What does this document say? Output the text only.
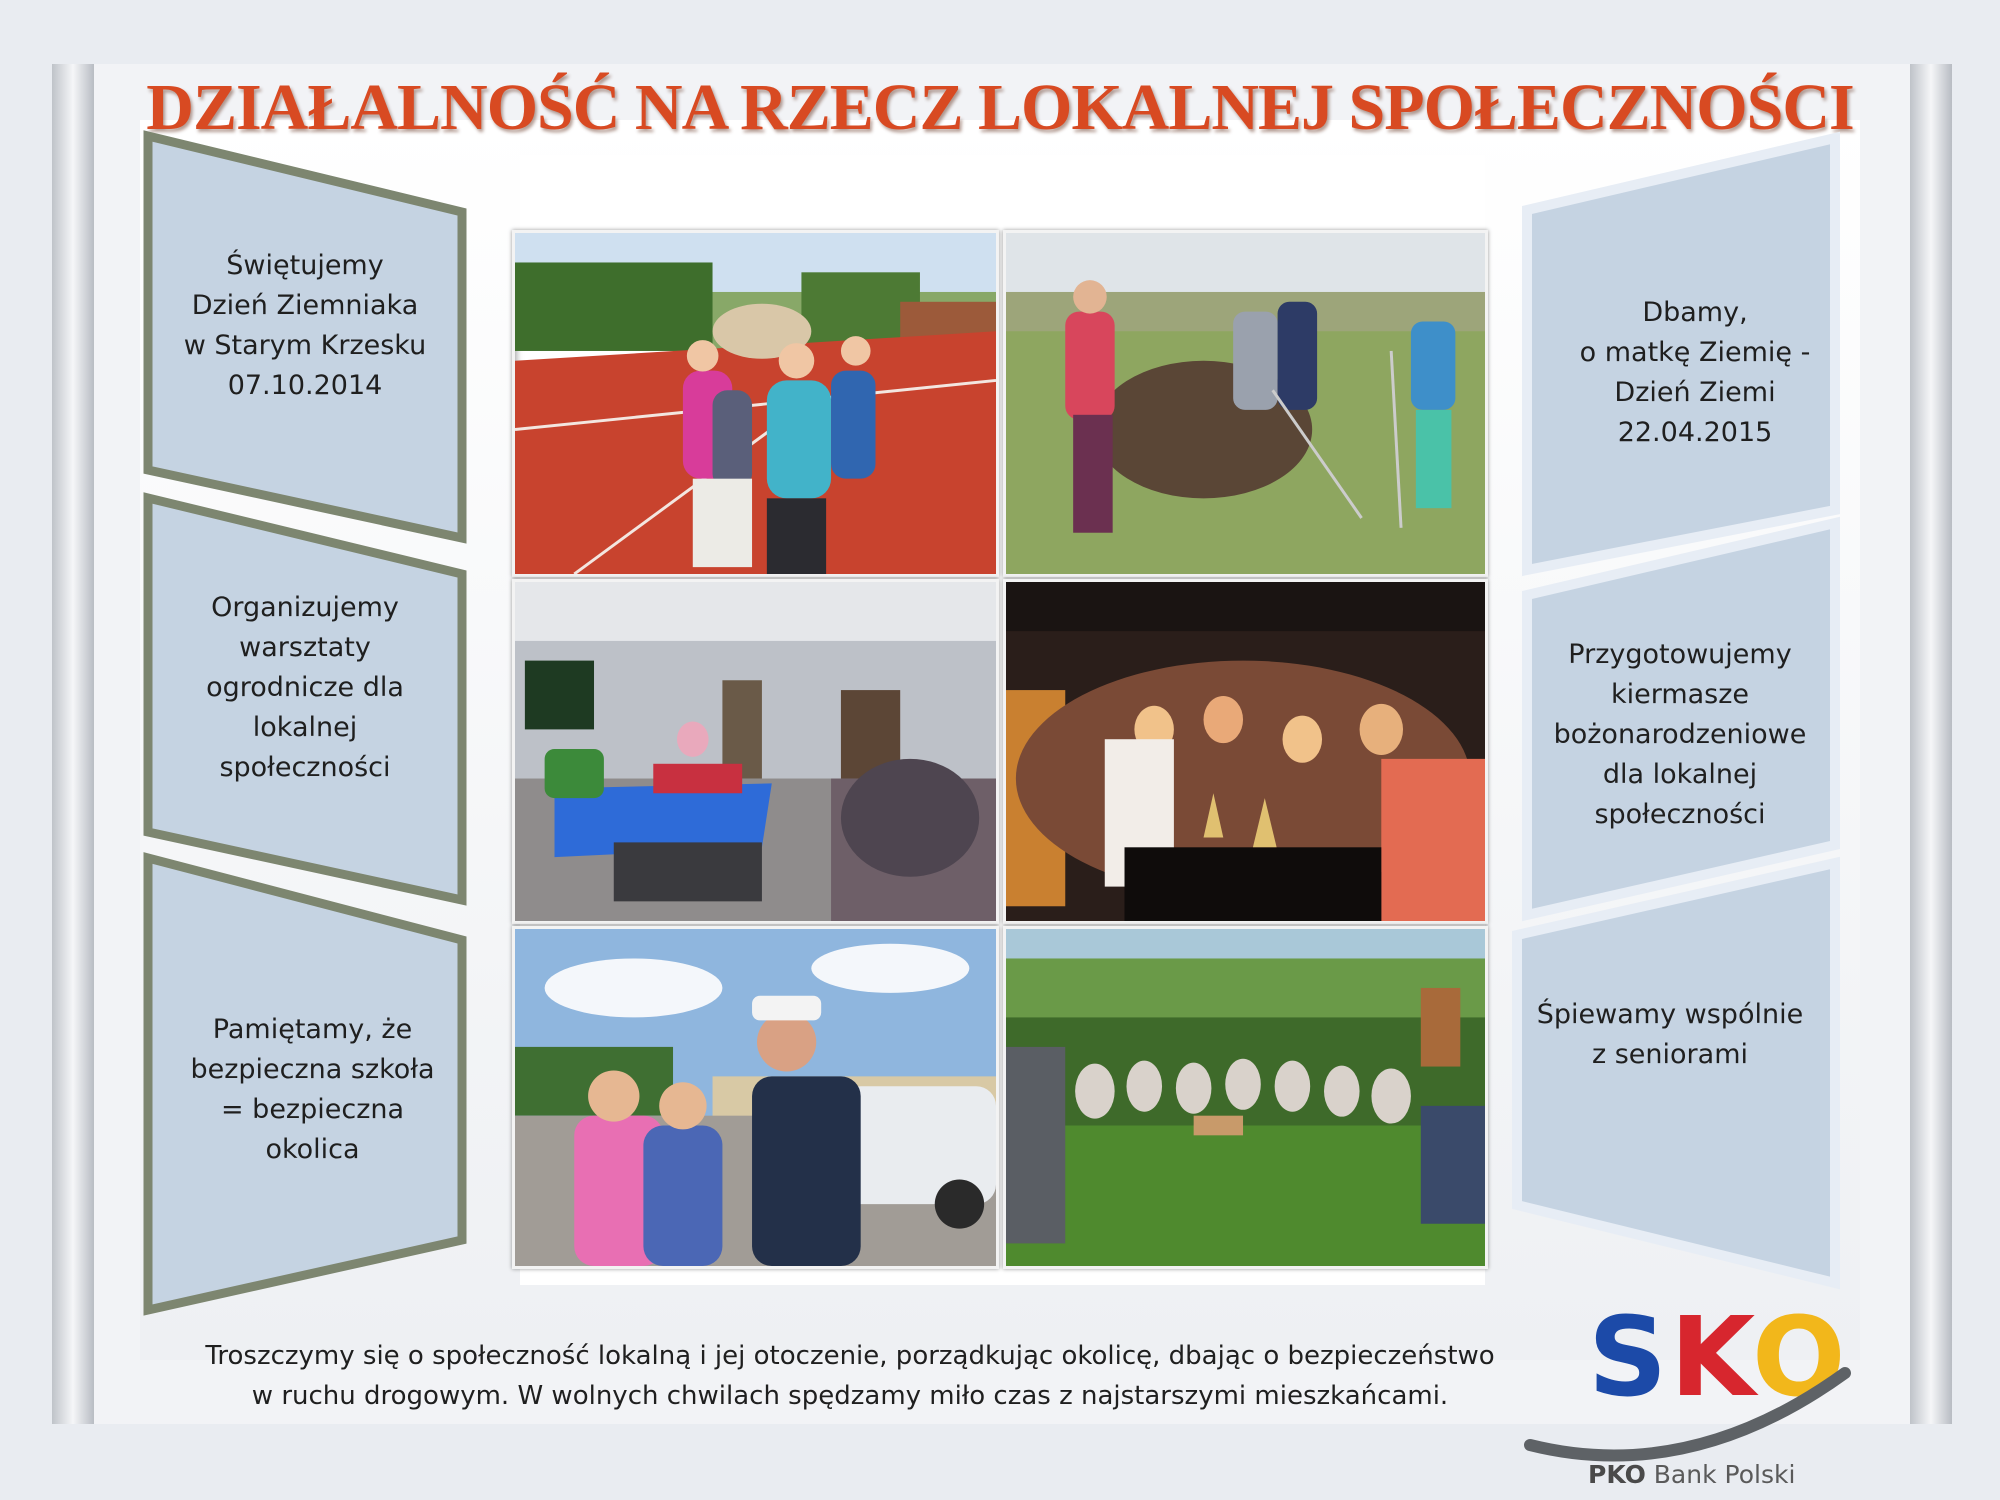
DZIAŁALNOŚĆ NA RZECZ LOKALNEJ SPOŁECZNOŚCI
Świętujemy
Dzień Ziemniaka
w Starym Krzesku
07.10.2014
Organizujemy
warsztaty
ogrodnicze dla
lokalnej
społeczności
Pamiętamy, że
bezpieczna szkoła
= bezpieczna
okolica
Dbamy,
o matkę Ziemię -
Dzień Ziemi
22.04.2015
Przygotowujemy
kiermasze
bożonarodzeniowe
dla lokalnej
społeczności
Śpiewamy wspólnie
z seniorami
Troszczymy się o społeczność lokalną i jej otoczenie, porządkując okolicę, dbając o bezpieczeństwo
w ruchu drogowym. W wolnych chwilach spędzamy miło czas z najstarszymi mieszkańcami.	S K
O
PKO Bank Polski
